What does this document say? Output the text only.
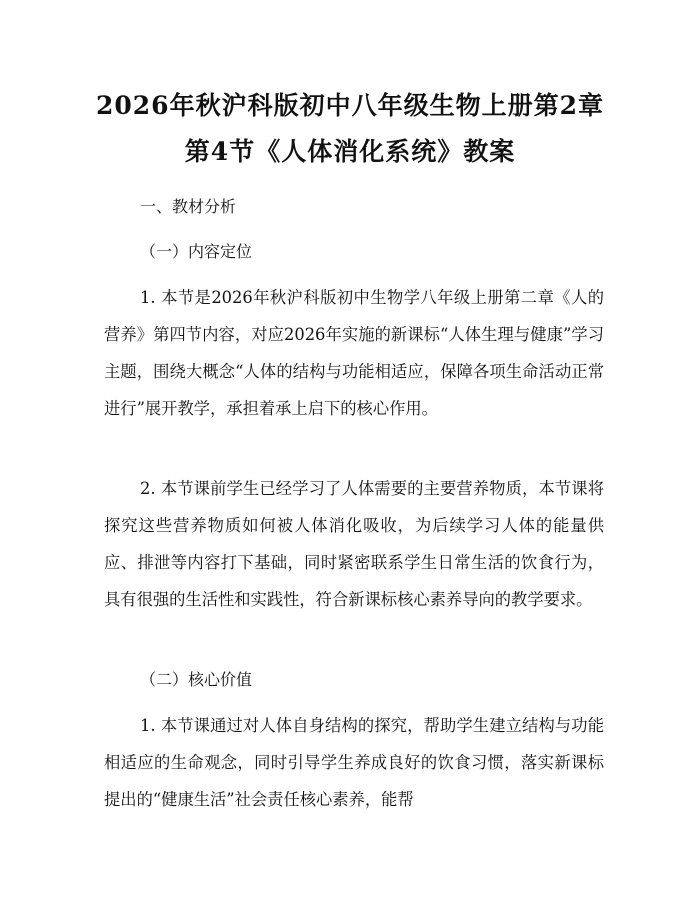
2026年秋沪科版初中八年级生物上册第2章
第4节《人体消化系统》教案
一、教材分析
（一）内容定位
1. 本节是2026年秋沪科版初中生物学八年级上册第二章《人的营养》第四节内容，对应2026年实施的新课标“人体生理与健康”学习主题，围绕大概念“人体的结构与功能相适应，保障各项生命活动正常进行”展开教学，承担着承上启下的核心作用。
2. 本节课前学生已经学习了人体需要的主要营养物质，本节课将探究这些营养物质如何被人体消化吸收，为后续学习人体的能量供应、排泄等内容打下基础，同时紧密联系学生日常生活的饮食行为，具有很强的生活性和实践性，符合新课标核心素养导向的教学要求。
（二）核心价值
1. 本节课通过对人体自身结构的探究，帮助学生建立结构与功能相适应的生命观念，同时引导学生养成良好的饮食习惯，落实新课标提出的“健康生活”社会责任核心素养，能帮
